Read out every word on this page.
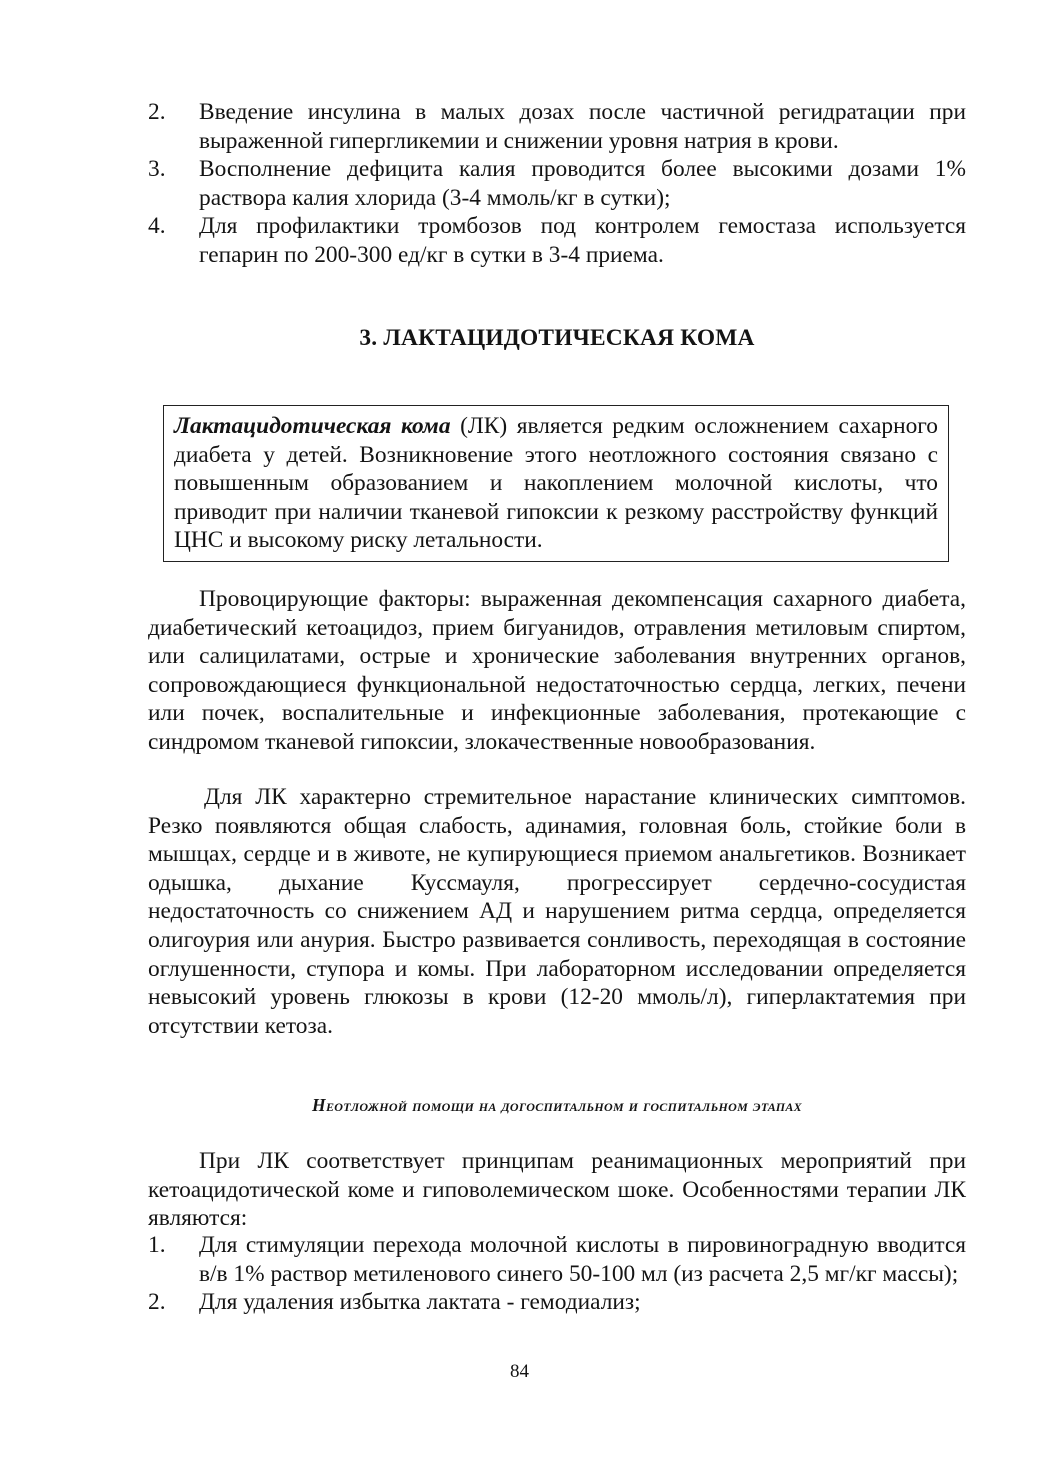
2.	Введение инсулина в малых дозах после частичной регидратации при выраженной гипергликемии и снижении уровня натрия в крови.
3.	Восполнение дефицита калия проводится более высокими дозами 1% раствора калия хлорида (3-4 ммоль/кг в сутки);
4.	Для профилактики тромбозов под контролем гемостаза используется гепарин по 200-300 ед/кг в сутки в 3-4 приема.
3. ЛАКТАЦИДОТИЧЕСКАЯ КОМА
Лактацидотическая кома (ЛК) является редким осложнением сахарного диабета у детей. Возникновение этого неотложного состояния связано с повышенным образованием и накоплением молочной кислоты, что приводит при наличии тканевой гипоксии к резкому расстройству функций ЦНС и высокому риску летальности.

Провоцирующие факторы: выраженная декомпенсация сахарного диабета, диабетический кетоацидоз, прием бигуанидов, отравления метиловым спиртом, или салицилатами, острые и хронические заболевания внутренних органов, сопровождающиеся функциональной недостаточностью сердца, легких, печени или почек, воспалительные и инфекционные заболевания, протекающие с синдромом тканевой гипоксии, злокачественные новообразования.

Для ЛК характерно стремительное нарастание клинических симптомов. Резко появляются общая слабость, адинамия, головная боль, стойкие боли в мышцах, сердце и в животе, не купирующиеся приемом анальгетиков. Возникает одышка, дыхание Куссмауля, прогрессирует сердечно-сосудистая недостаточность со снижением АД и нарушением ритма сердца, определяется олигоурия или анурия. Быстро развивается сонливость, переходящая в состояние оглушенности, ступора и комы. При лабораторном исследовании определяется невысокий уровень глюкозы в крови (12-20 ммоль/л), гиперлактатемия при отсутствии кетоза.

Неотложной помощи на догоспитальном и госпитальном этапах

При ЛК соответствует принципам реанимационных мероприятий при кетоацидотической коме и гиповолемическом шоке. Особенностями терапии ЛК являются:

1.	Для стимуляции перехода молочной кислоты в пировиноградную вводится в/в 1% раствор метиленового синего 50-100 мл (из расчета 2,5 мг/кг массы);
2.	Для удаления избытка лактата - гемодиализ;
84
